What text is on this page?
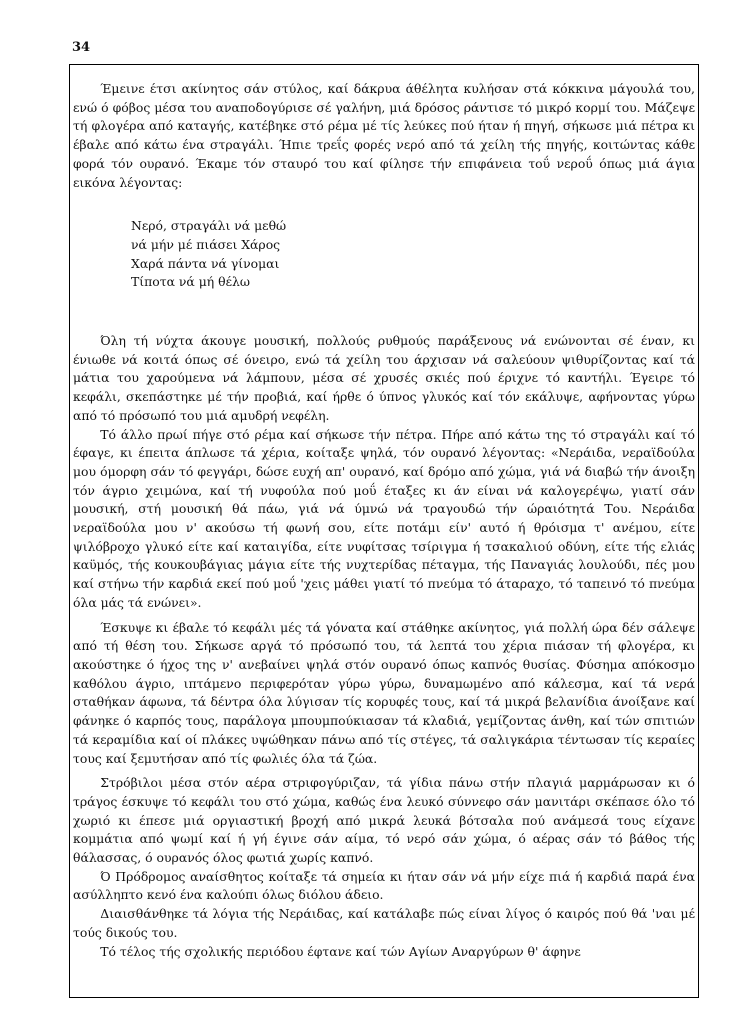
34

Έμεινε έτσι ακίνητος σάν στύλος, καί δάκρυα άθέλητα κυλήσαν στά κόκκινα μάγουλά του, ενώ ό φόβος μέσα του αναποδογύρισε σέ γαλήνη, μιά δρόσος ράντισε τό μικρό κορμί του. Μάζεψε τή φλογέρα από καταγής, κατέβηκε στό ρέμα μέ τίς λεύκες πού ήταν ή πηγή, σήκωσε μιά πέτρα κι έβαλε από κάτω ένα στραγάλι. Ήπιε τρεΐς φορές νερό από τά χείλη τής πηγής, κοιτώντας κάθε φορά τόν ουρανό. Έκαμε τόν σταυρό του καί φίλησε τήν επιφάνεια τοΰ νεροΰ όπως μιά άγια εικόνα λέγοντας:

Νερό, στραγάλι νά μεθώ
νά μήν μέ πιάσει Χάρος
Χαρά πάντα νά γίνομαι
Τίποτα νά μή θέλω

Όλη τή νύχτα άκουγε μουσική, πολλούς ρυθμούς παράξενους νά ενώνονται σέ έναν, κι ένιωθε νά κοιτά όπως σέ όνειρο, ενώ τά χείλη του άρχισαν νά σαλεύουν ψιθυρίζοντας καί τά μάτια του χαρούμενα νά λάμπουν, μέσα σέ χρυσές σκιές πού έριχνε τό καντήλι. Έγειρε τό κεφάλι, σκεπάστηκε μέ τήν προβιά, καί ήρθε ό ύπνος γλυκός καί τόν εκάλυψε, αφήνοντας γύρω από τό πρόσωπό του μιά αμυδρή νεφέλη.

Τό άλλο πρωί πήγε στό ρέμα καί σήκωσε τήν πέτρα. Πήρε από κάτω της τό στραγάλι καί τό έφαγε, κι έπειτα άπλωσε τά χέρια, κοίταξε ψηλά, τόν ουρανό λέγοντας: «Νεράιδα, νεραϊδούλα μου όμορφη σάν τό φεγγάρι, δώσε ευχή απ' ουρανό, καί δρόμο από χώμα, γιά νά διαβώ τήν άνοιξη τόν άγριο χειμώνα, καί τή νυφούλα πού μοΰ έταξες κι άν είναι νά καλογερέψω, γιατί σάν μουσική, στή μουσική θά πάω, γιά νά ύμνώ νά τραγουδώ τήν ώραιότητά Του. Νεράιδα νεραϊδούλα μου ν' ακούσω τή φωνή σου, είτε ποτάμι είν' αυτό ή θρόισμα τ' ανέμου, είτε ψιλόβροχο γλυκό είτε καί καταιγίδα, είτε νυφίτσας τσίριγμα ή τσακαλιού οδύνη, είτε τής ελιάς καϋμός, τής κουκουβάγιας μάγια είτε τής νυχτερίδας πέταγμα, τής Παναγιάς λουλούδι, πές μου καί στήνω τήν καρδιά εκεί πού μοΰ 'χεις μάθει γιατί τό πνεύμα τό άταραχο, τό ταπεινό τό πνεύμα όλα μάς τά ενώνει».

Έσκυψε κι έβαλε τό κεφάλι μές τά γόνατα καί στάθηκε ακίνητος, γιά πολλή ώρα δέν σάλεψε από τή θέση του. Σήκωσε αργά τό πρόσωπό του, τά λεπτά του χέρια πιάσαν τή φλογέρα, κι ακούστηκε ό ήχος της ν' ανεβαίνει ψηλά στόν ουρανό όπως καπνός θυσίας. Φύσημα απόκοσμο καθόλου άγριο, ιπτάμενο περιφερόταν γύρω γύρω, δυναμωμένο από κάλεσμα, καί τά νερά σταθήκαν άφωνα, τά δέντρα όλα λύγισαν τίς κορυφές τους, καί τά μικρά βελανίδια άνοίξανε καί φάνηκε ό καρπός τους, παράλογα μπουμπούκιασαν τά κλαδιά, γεμίζοντας άνθη, καί τών σπιτιών τά κεραμίδια καί οί πλάκες υψώθηκαν πάνω από τίς στέγες, τά σαλιγκάρια τέντωσαν τίς κεραίες τους καί ξεμυτήσαν από τίς φωλιές όλα τά ζώα.

Στρόβιλοι μέσα στόν αέρα στριφογύριζαν, τά γίδια πάνω στήν πλαγιά μαρμάρωσαν κι ό τράγος έσκυψε τό κεφάλι του στό χώμα, καθώς ένα λευκό σύννεφο σάν μανιτάρι σκέπασε όλο τό χωριό κι έπεσε μιά οργιαστική βροχή από μικρά λευκά βότσαλα πού ανάμεσά τους είχανε κομμάτια από ψωμί καί ή γή έγινε σάν αίμα, τό νερό σάν χώμα, ό αέρας σάν τό βάθος τής θάλασσας, ό ουρανός όλος φωτιά χωρίς καπνό.

Ό Πρόδρομος αναίσθητος κοίταξε τά σημεία κι ήταν σάν νά μήν είχε πιά ή καρδιά παρά ένα ασύλληπτο κενό ένα καλούπι όλως διόλου άδειο.

Διαισθάνθηκε τά λόγια τής Νεράιδας, καί κατάλαβε πώς είναι λίγος ό καιρός πού θά 'ναι μέ τούς δικούς του.

Τό τέλος τής σχολικής περιόδου έφτανε καί τών Αγίων Αναργύρων θ' άφηνε
